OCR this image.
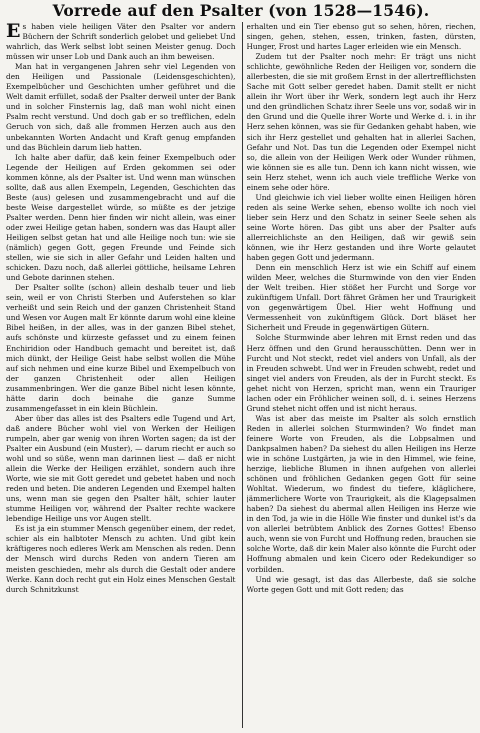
Vorrede auf den Psalter (von 1528—1546).

Es haben viele heiligen Väter den Psalter vor andern Büchern der Schrift sonderlich gelobet und geliebet Und wahrlich, das Werk selbst lobt seinen Meister genug. Doch müssen wir unser Lob und Dank auch an ihm beweisen.

Man hat in vergangenen Jahren sehr viel Legenden von den Heiligen und Passionale (Leidensgeschichten), Exempelbücher und Geschichten umher geführet und die Welt damit erfüllet, sodaß der Psalter derweil unter der Bank und in solcher Finsternis lag, daß man wohl nicht einen Psalm recht verstund. Und doch gab er so trefflichen, edeln Geruch von sich, daß alle frommen Herzen auch aus den unbekannten Worten Andacht und Kraft genug empfanden und das Büchlein darum lieb hatten.

Ich halte aber dafür, daß kein feiner Exempelbuch oder Legende der Heiligen auf Erden gekommen sei oder kommen könne, als der Psalter ist. Und wenn man wünschen sollte, daß aus allen Exempeln, Legenden, Geschichten das Beste (aus) gelesen und zusammengebracht und auf die beste Weise dargestellet würde, so müßte es der jetzige Psalter werden. Denn hier finden wir nicht allein, was einer oder zwei Heilige getan haben, sondern was das Haupt aller Heiligen selbst getan hat und alle Heilige noch tun: wie sie (nämlich) gegen Gott, gegen Freunde und Feinde sich stellen, wie sie sich in aller Gefahr und Leiden halten und schicken. Dazu noch, daß allerlei göttliche, heilsame Lehren und Gebote darinnen stehen.

Der Psalter sollte (schon) allein deshalb teuer und lieb sein, weil er von Christi Sterben und Auferstehen so klar verheißt und sein Reich und der ganzen Christenheit Stand und Wesen vor Augen malt Er könnte darum wohl eine kleine Bibel heißen, in der alles, was in der ganzen Bibel stehet, aufs schönste und kürzeste gefasset und zu einem feinen Enchiridion oder Handbuch gemacht und bereitet ist, daß mich dünkt, der Heilige Geist habe selbst wollen die Mühe auf sich nehmen und eine kurze Bibel und Exempelbuch von der ganzen Christenheit oder allen Heiligen zusammenbringen. Wer die ganze Bibel nicht lesen könnte, hätte darin doch beinahe die ganze Summe zusammengefasset in ein klein Büchlein.

Aber über das alles ist des Psalters edle Tugend und Art, daß andere Bücher wohl viel von Werken der Heiligen rumpeln, aber gar wenig von ihren Worten sagen; da ist der Psalter ein Ausbund (ein Muster), — darum riecht er auch so wohl und so süße, wenn man darinnen liest — daß er nicht allein die Werke der Heiligen erzählet, sondern auch ihre Worte, wie sie mit Gott geredet und gebetet haben und noch reden und beten. Die anderen Legenden und Exempel halten uns, wenn man sie gegen den Psalter hält, schier lauter stumme Heiligen vor, während der Psalter rechte wackere lebendige Heilige uns vor Augen stellt.

Es ist ja ein stummer Mensch gegenüber einem, der redet, schier als ein halbtoter Mensch zu achten. Und gibt kein kräftigeres noch edleres Werk am Menschen als reden. Denn der Mensch wird durchs Reden von andern Tieren am meisten geschieden, mehr als durch die Gestalt oder andere Werke. Kann doch recht gut ein Holz eines Menschen Gestalt durch Schnitzkunst

erhalten und ein Tier ebenso gut so sehen, hören, riechen, singen, gehen, stehen, essen, trinken, fasten, dürsten, Hunger, Frost und hartes Lager erleiden wie ein Mensch.

Zudem tut der Psalter noch mehr: Er trägt uns nicht schlichte, gewöhnliche Reden der Heiligen vor, sondern die allerbesten, die sie mit großem Ernst in der allertrefflichsten Sache mit Gott selber geredet haben. Damit stellt er nicht allein ihr Wort über ihr Werk, sondern legt auch ihr Herz und den gründlichen Schatz ihrer Seele uns vor, sodaß wir in den Grund und die Quelle ihrer Worte und Werke d. i. in ihr Herz sehen können, was sie für Gedanken gehabt haben, wie sich ihr Herz gestellet und gehalten hat in allerlei Sachen, Gefahr und Not. Das tun die Legenden oder Exempel nicht so, die allein von der Heiligen Werk oder Wunder rühmen, wie können sie es alle tun. Denn ich kann nicht wissen, wie sein Herz stehet, wenn ich auch viele treffliche Werke von einem sehe oder höre.

Und gleichwie ich viel lieber wollte einen Heiligen hören reden als seine Werke sehen, ebenso wollte ich noch viel lieber sein Herz und den Schatz in seiner Seele sehen als seine Worte hören. Das gibt uns aber der Psalter aufs allerreichlichste an den Heiligen, daß wir gewiß sein können, wie ihr Herz gestanden und ihre Worte gelautet haben gegen Gott und jedermann.

Denn ein menschlich Herz ist wie ein Schiff auf einem wilden Meer, welches die Sturmwinde von den vier Enden der Welt treiben. Hier stößet her Furcht und Sorge vor zukünftigem Unfall. Dort fähret Grämen her und Traurigkeit von gegenwärtigem Übel. Hier weht Hoffnung und Vermessenheit von zukünftigem Glück. Dort bläset her Sicherheit und Freude in gegenwärtigen Gütern.

Solche Sturmwinde aber lehren mit Ernst reden und das Herz öffnen und den Grund herausschütten. Denn wer in Furcht und Not steckt, redet viel anders von Unfall, als der in Freuden schwebt. Und wer in Freuden schwebt, redet und singet viel anders von Freuden, als der in Furcht steckt. Es gehet nicht von Herzen, spricht man, wenn ein Trauriger lachen oder ein Fröhlicher weinen soll, d. i. seines Herzens Grund stehet nicht offen und ist nicht heraus.

Was ist aber das meiste im Psalter als solch ernstlich Reden in allerlei solchen Sturmwinden? Wo findet man feinere Worte von Freuden, als die Lobpsalmen und Dankpsalmen haben? Da siehest du allen Heiligen ins Herze wie in schöne Lustgärten, ja wie in den Himmel, wie feine, herzige, liebliche Blumen in ihnen aufgehen von allerlei schönen und fröhlichen Gedanken gegen Gott für seine Wohltat. Wiederum, wo findest du tiefere, kläglichere, jämmerlichere Worte von Traurigkeit, als die Klagepsalmen haben? Da siehest du abermal allen Heiligen ins Herze wie in den Tod, ja wie in die Hölle Wie finster und dunkel ist's da von allerlei betrübtem Anblick des Zornes Gottes! Ebenso auch, wenn sie von Furcht und Hoffnung reden, brauchen sie solche Worte, daß dir kein Maler also könnte die Furcht oder Hoffnung abmalen und kein Cicero oder Redekundiger so vorbilden.

Und wie gesagt, ist das das Allerbeste, daß sie solche Worte gegen Gott und mit Gott reden; das
